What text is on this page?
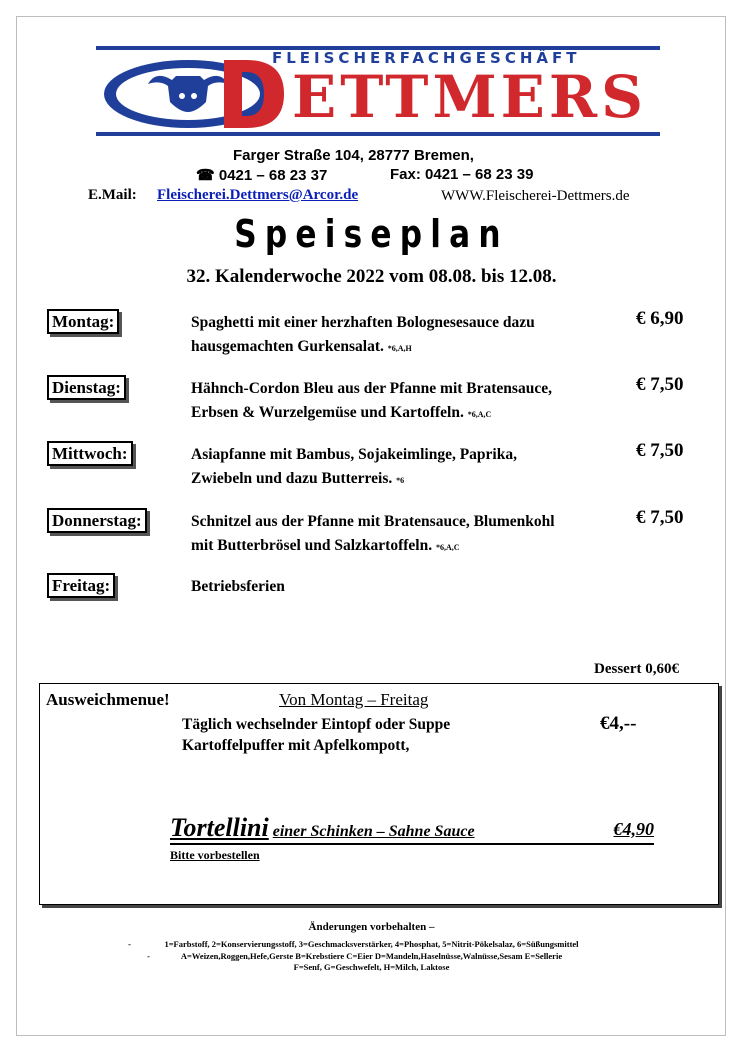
FLEISCHERFACHGESCHÄFT
ETTMERS
Farger Straße 104, 28777 Bremen,
☎ 0421 – 68 23 37	Fax: 0421 – 68 23 39
E.Mail: Fleischerei.Dettmers@Arcor.de	WWW.Fleischerei-Dettmers.de
Speiseplan
32. Kalenderwoche 2022 vom 08.08. bis 12.08.
Montag:	Spaghetti mit einer herzhaften Bolognesesauce dazu
hausgemachten Gurkensalat. *6,A,H
€ 6,90
Dienstag:	Hähnch-Cordon Bleu aus der Pfanne mit Bratensauce,
Erbsen & Wurzelgemüse und Kartoffeln. *6,A,C
€ 7,50
Mittwoch:	Asiapfanne mit Bambus, Sojakeimlinge, Paprika,
Zwiebeln und dazu Butterreis. *6
€ 7,50
Donnerstag:	Schnitzel aus der Pfanne mit Bratensauce, Blumenkohl
mit Butterbrösel und Salzkartoffeln. *6,A,C
€ 7,50
Freitag:	Betriebsferien
Dessert 0,60€
Ausweichmenue!	Von Montag – Freitag
Täglich wechselnder Eintopf oder Suppe
Kartoffelpuffer mit Apfelkompott,
€4,--
Tortellini einer Schinken – Sahne Sauce	€4,90
Bitte vorbestellen
Änderungen vorbehalten –
1=Farbstoff, 2=Konservierungsstoff, 3=Geschmacksverstärker, 4=Phosphat, 5=Nitrit-Pökelsalaz, 6=Süßungsmittel
-
A=Weizen,Roggen,Hefe,Gerste B=Krebstiere C=Eier D=Mandeln,Haselnüsse,Walnüsse,Sesam E=Sellerie
-
F=Senf, G=Geschwefelt, H=Milch, Laktose
